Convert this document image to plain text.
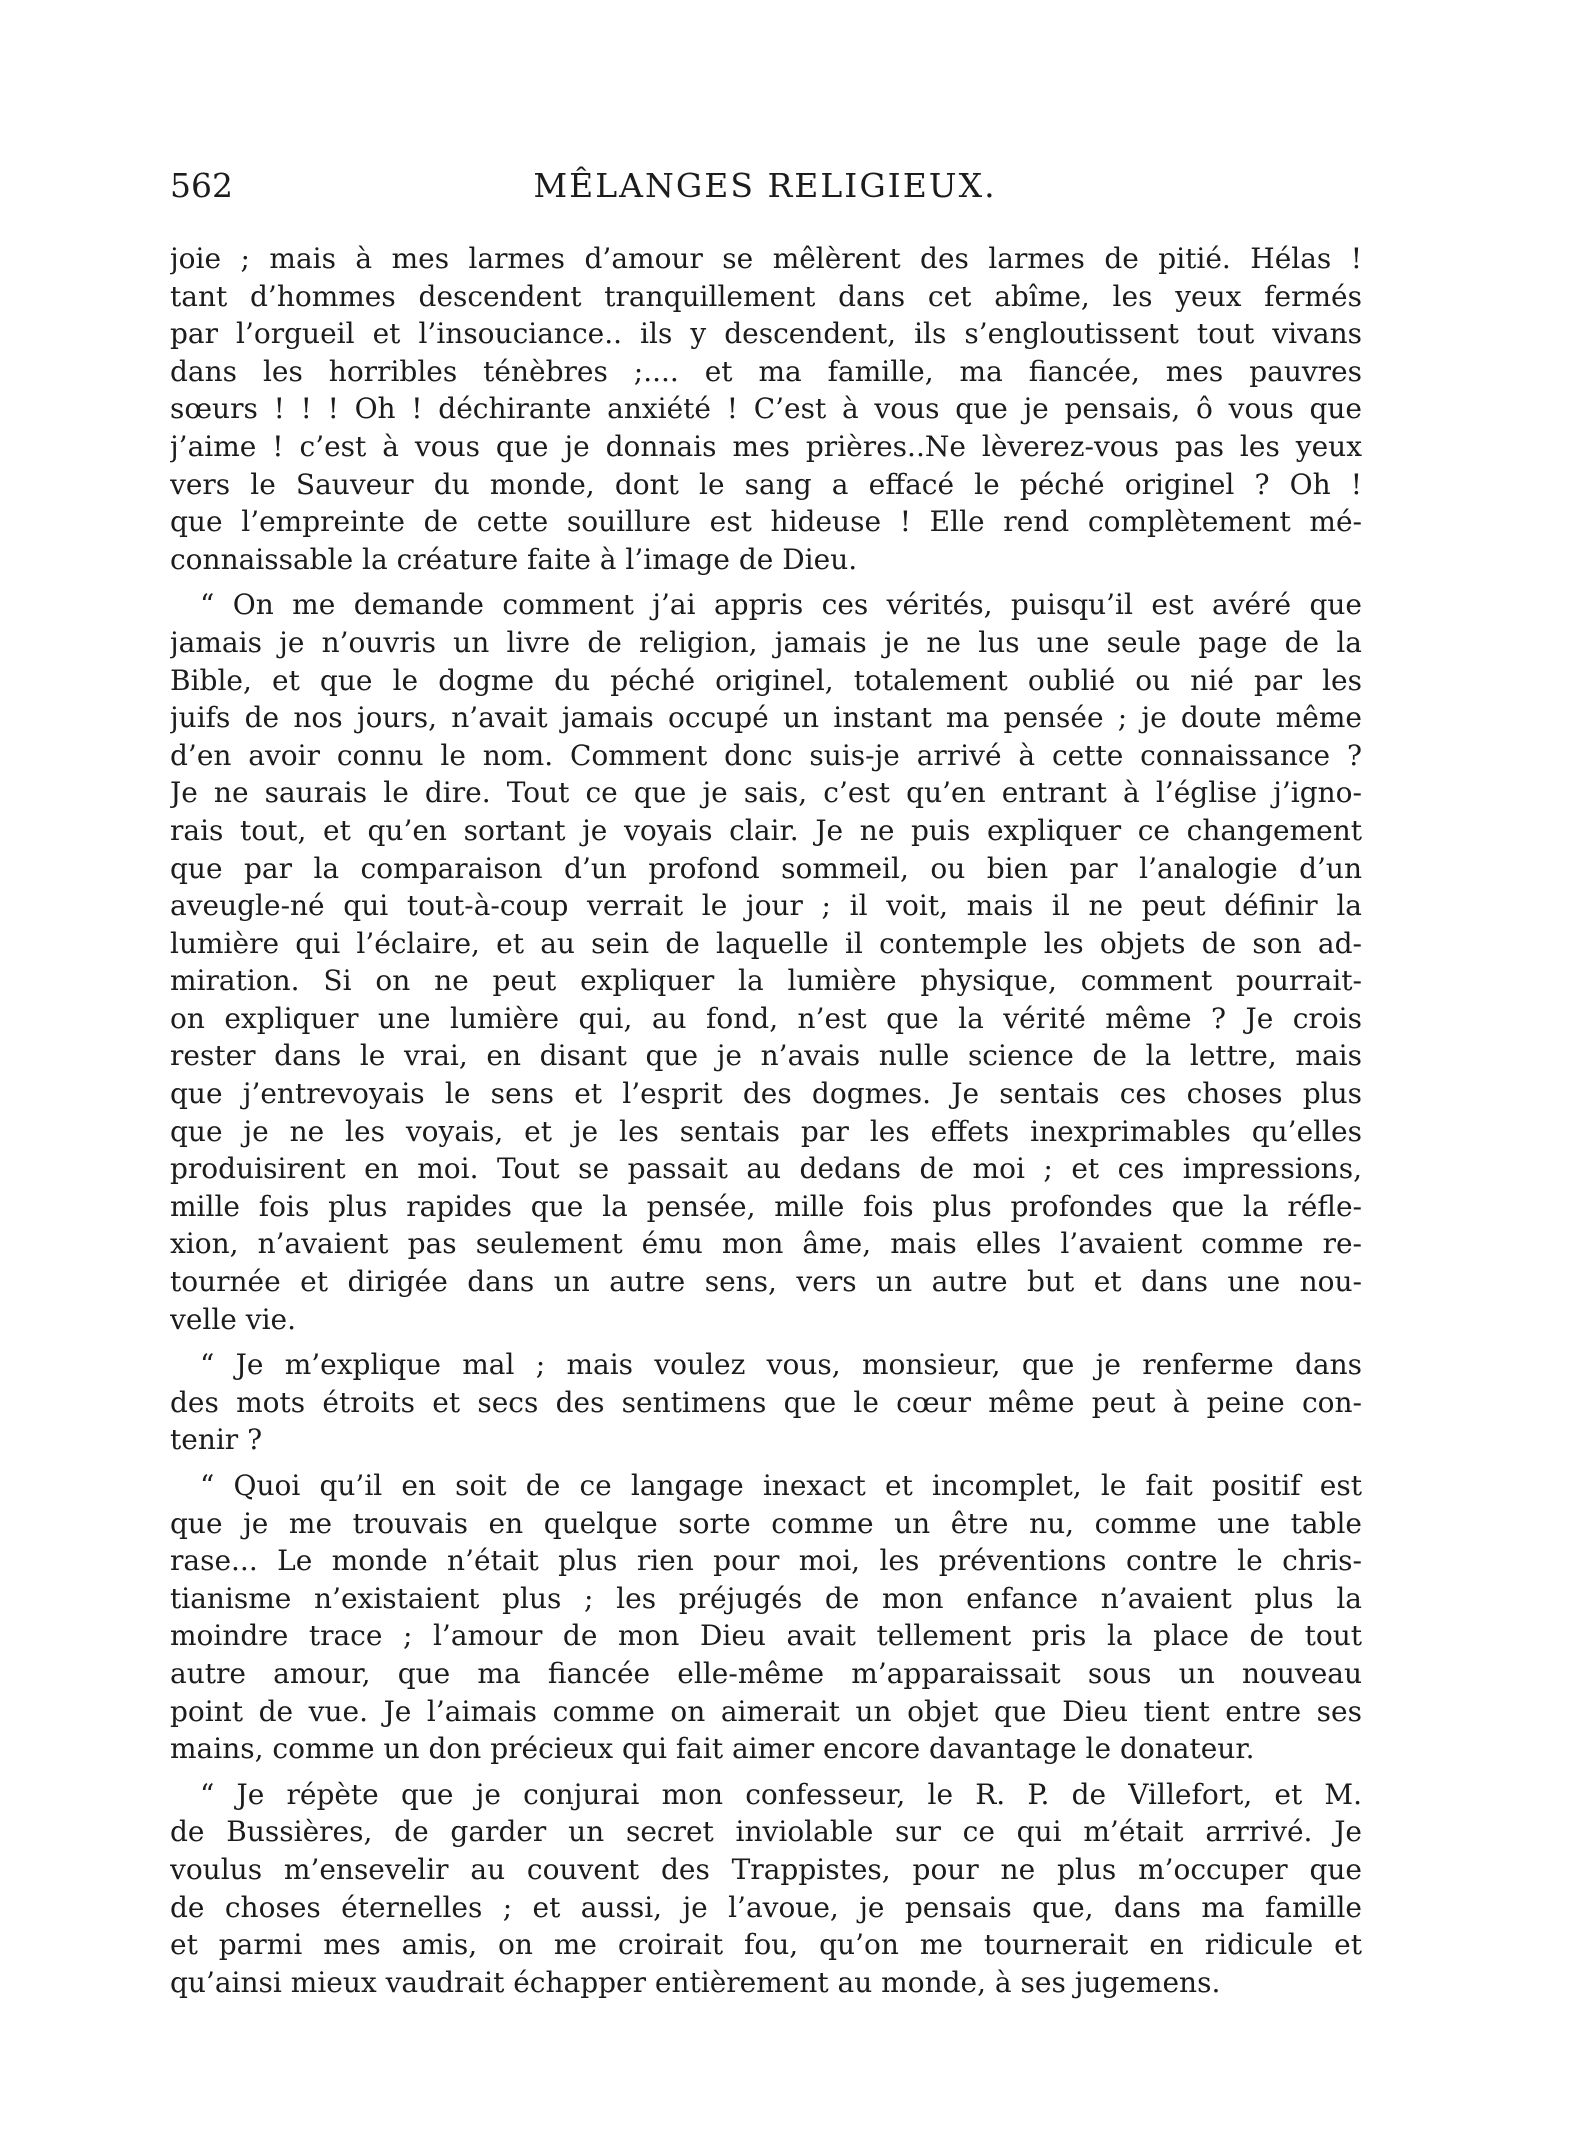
562	MÊLANGES RELIGIEUX.
joie ; mais à mes larmes d’amour se mêlèrent des larmes de pitié. Hélas !
tant d’hommes descendent tranquillement dans cet abîme, les yeux fermés
par l’orgueil et l’insouciance.. ils y descendent, ils s’engloutissent tout vivans
dans les horribles ténèbres ;.... et ma famille, ma fiancée, mes pauvres
sœurs ! ! ! Oh ! déchirante anxiété ! C’est à vous que je pensais, ô vous que
j’aime ! c’est à vous que je donnais mes prières..Ne lèverez-vous pas les yeux
vers le Sauveur du monde, dont le sang a effacé le péché originel ? Oh !
que l’empreinte de cette souillure est hideuse ! Elle rend complètement mé-
connaissable la créature faite à l’image de Dieu.
“ On me demande comment j’ai appris ces vérités, puisqu’il est avéré que
jamais je n’ouvris un livre de religion, jamais je ne lus une seule page de la
Bible, et que le dogme du péché originel, totalement oublié ou nié par les
juifs de nos jours, n’avait jamais occupé un instant ma pensée ; je doute même
d’en avoir connu le nom. Comment donc suis-je arrivé à cette connaissance ?
Je ne saurais le dire. Tout ce que je sais, c’est qu’en entrant à l’église j’igno-
rais tout, et qu’en sortant je voyais clair. Je ne puis expliquer ce changement
que par la comparaison d’un profond sommeil, ou bien par l’analogie d’un
aveugle-né qui tout-à-coup verrait le jour ; il voit, mais il ne peut définir la
lumière qui l’éclaire, et au sein de laquelle il contemple les objets de son ad-
miration. Si on ne peut expliquer la lumière physique, comment pourrait-
on expliquer une lumière qui, au fond, n’est que la vérité même ? Je crois
rester dans le vrai, en disant que je n’avais nulle science de la lettre, mais
que j’entrevoyais le sens et l’esprit des dogmes. Je sentais ces choses plus
que je ne les voyais, et je les sentais par les effets inexprimables qu’elles
produisirent en moi. Tout se passait au dedans de moi ; et ces impressions,
mille fois plus rapides que la pensée, mille fois plus profondes que la réfle-
xion, n’avaient pas seulement ému mon âme, mais elles l’avaient comme re-
tournée et dirigée dans un autre sens, vers un autre but et dans une nou-
velle vie.
“ Je m’explique mal ; mais voulez vous, monsieur, que je renferme dans
des mots étroits et secs des sentimens que le cœur même peut à peine con-
tenir ?
“ Quoi qu’il en soit de ce langage inexact et incomplet, le fait positif est
que je me trouvais en quelque sorte comme un être nu, comme une table
rase... Le monde n’était plus rien pour moi, les préventions contre le chris-
tianisme n’existaient plus ; les préjugés de mon enfance n’avaient plus la
moindre trace ; l’amour de mon Dieu avait tellement pris la place de tout
autre amour, que ma fiancée elle-même m’apparaissait sous un nouveau
point de vue. Je l’aimais comme on aimerait un objet que Dieu tient entre ses
mains, comme un don précieux qui fait aimer encore davantage le donateur.
“ Je répète que je conjurai mon confesseur, le R. P. de Villefort, et M.
de Bussières, de garder un secret inviolable sur ce qui m’était arrrivé. Je
voulus m’ensevelir au couvent des Trappistes, pour ne plus m’occuper que
de choses éternelles ; et aussi, je l’avoue, je pensais que, dans ma famille
et parmi mes amis, on me croirait fou, qu’on me tournerait en ridicule et
qu’ainsi mieux vaudrait échapper entièrement au monde, à ses jugemens.
